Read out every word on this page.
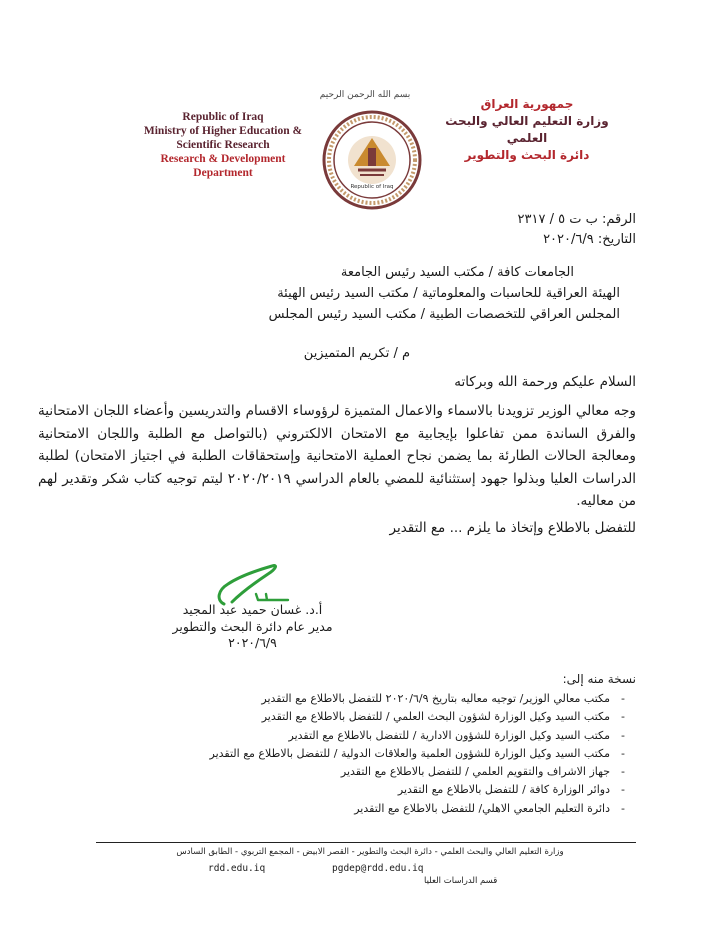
Republic of Iraq
Ministry of Higher Education &
Scientific Research
Research & Development
Department
بسم الله الرحمن الرحيم
Republic of Iraq
جمهورية العراق
وزارة التعليم العالي والبحث العلمي
دائرة البحث والتطوير
الرقم: ب ت ٥ / ٢٣١٧
التاريخ: ٢٠٢٠/٦/٩
الجامعات كافة / مكتب السيد رئيس الجامعة
الهيئة العراقية للحاسبات والمعلوماتية / مكتب السيد رئيس الهيئة
المجلس العراقي للتخصصات الطبية / مكتب السيد رئيس المجلس
م / تكريم المتميزين
السلام عليكم ورحمة الله وبركاته
وجه معالي الوزير تزويدنا بالاسماء والاعمال المتميزة لرؤوساء الاقسام والتدريسين وأعضاء اللجان الامتحانية والفرق الساندة ممن تفاعلوا بإيجابية مع الامتحان الالكتروني (بالتواصل مع الطلبة واللجان الامتحانية ومعالجة الحالات الطارئة بما يضمن نجاح العملية الامتحانية وإستحقاقات الطلبة في اجتياز الامتحان) لطلبة الدراسات العليا وبذلوا جهود إستثنائية للمضي بالعام الدراسي ٢٠٢٠/٢٠١٩ ليتم توجيه كتاب شكر وتقدير لهم من معاليه.
للتفضل بالاطلاع وإتخاذ ما يلزم ... مع التقدير
أ.د. غسان حميد عبد المجيد
مدير عام دائرة البحث والتطوير
٢٠٢٠/٦/٩
نسخة منه إلى:
-مكتب معالي الوزير/ توجيه معاليه بتاريخ ٢٠٢٠/٦/٩ للتفضل بالاطلاع مع التقدير
-مكتب السيد وكيل الوزارة لشؤون البحث العلمي / للتفضل بالاطلاع مع التقدير
-مكتب السيد وكيل الوزارة للشؤون الادارية / للتفضل بالاطلاع مع التقدير
-مكتب السيد وكيل الوزارة للشؤون العلمية والعلاقات الدولية / للتفضل بالاطلاع مع التقدير
-جهاز الاشراف والتقويم العلمي / للتفضل بالاطلاع مع التقدير
-دوائر الوزارة كافة / للتفضل بالاطلاع مع التقدير
-دائرة التعليم الجامعي الاهلي/ للتفضل بالاطلاع مع التقدير
وزارة التعليم العالي والبحث العلمي - دائرة البحث والتطوير - القصر الابيض - المجمع التربوي - الطابق السادس
rdd.edu.iq	pgdep@rdd.edu.iq
قسم الدراسات العليا
